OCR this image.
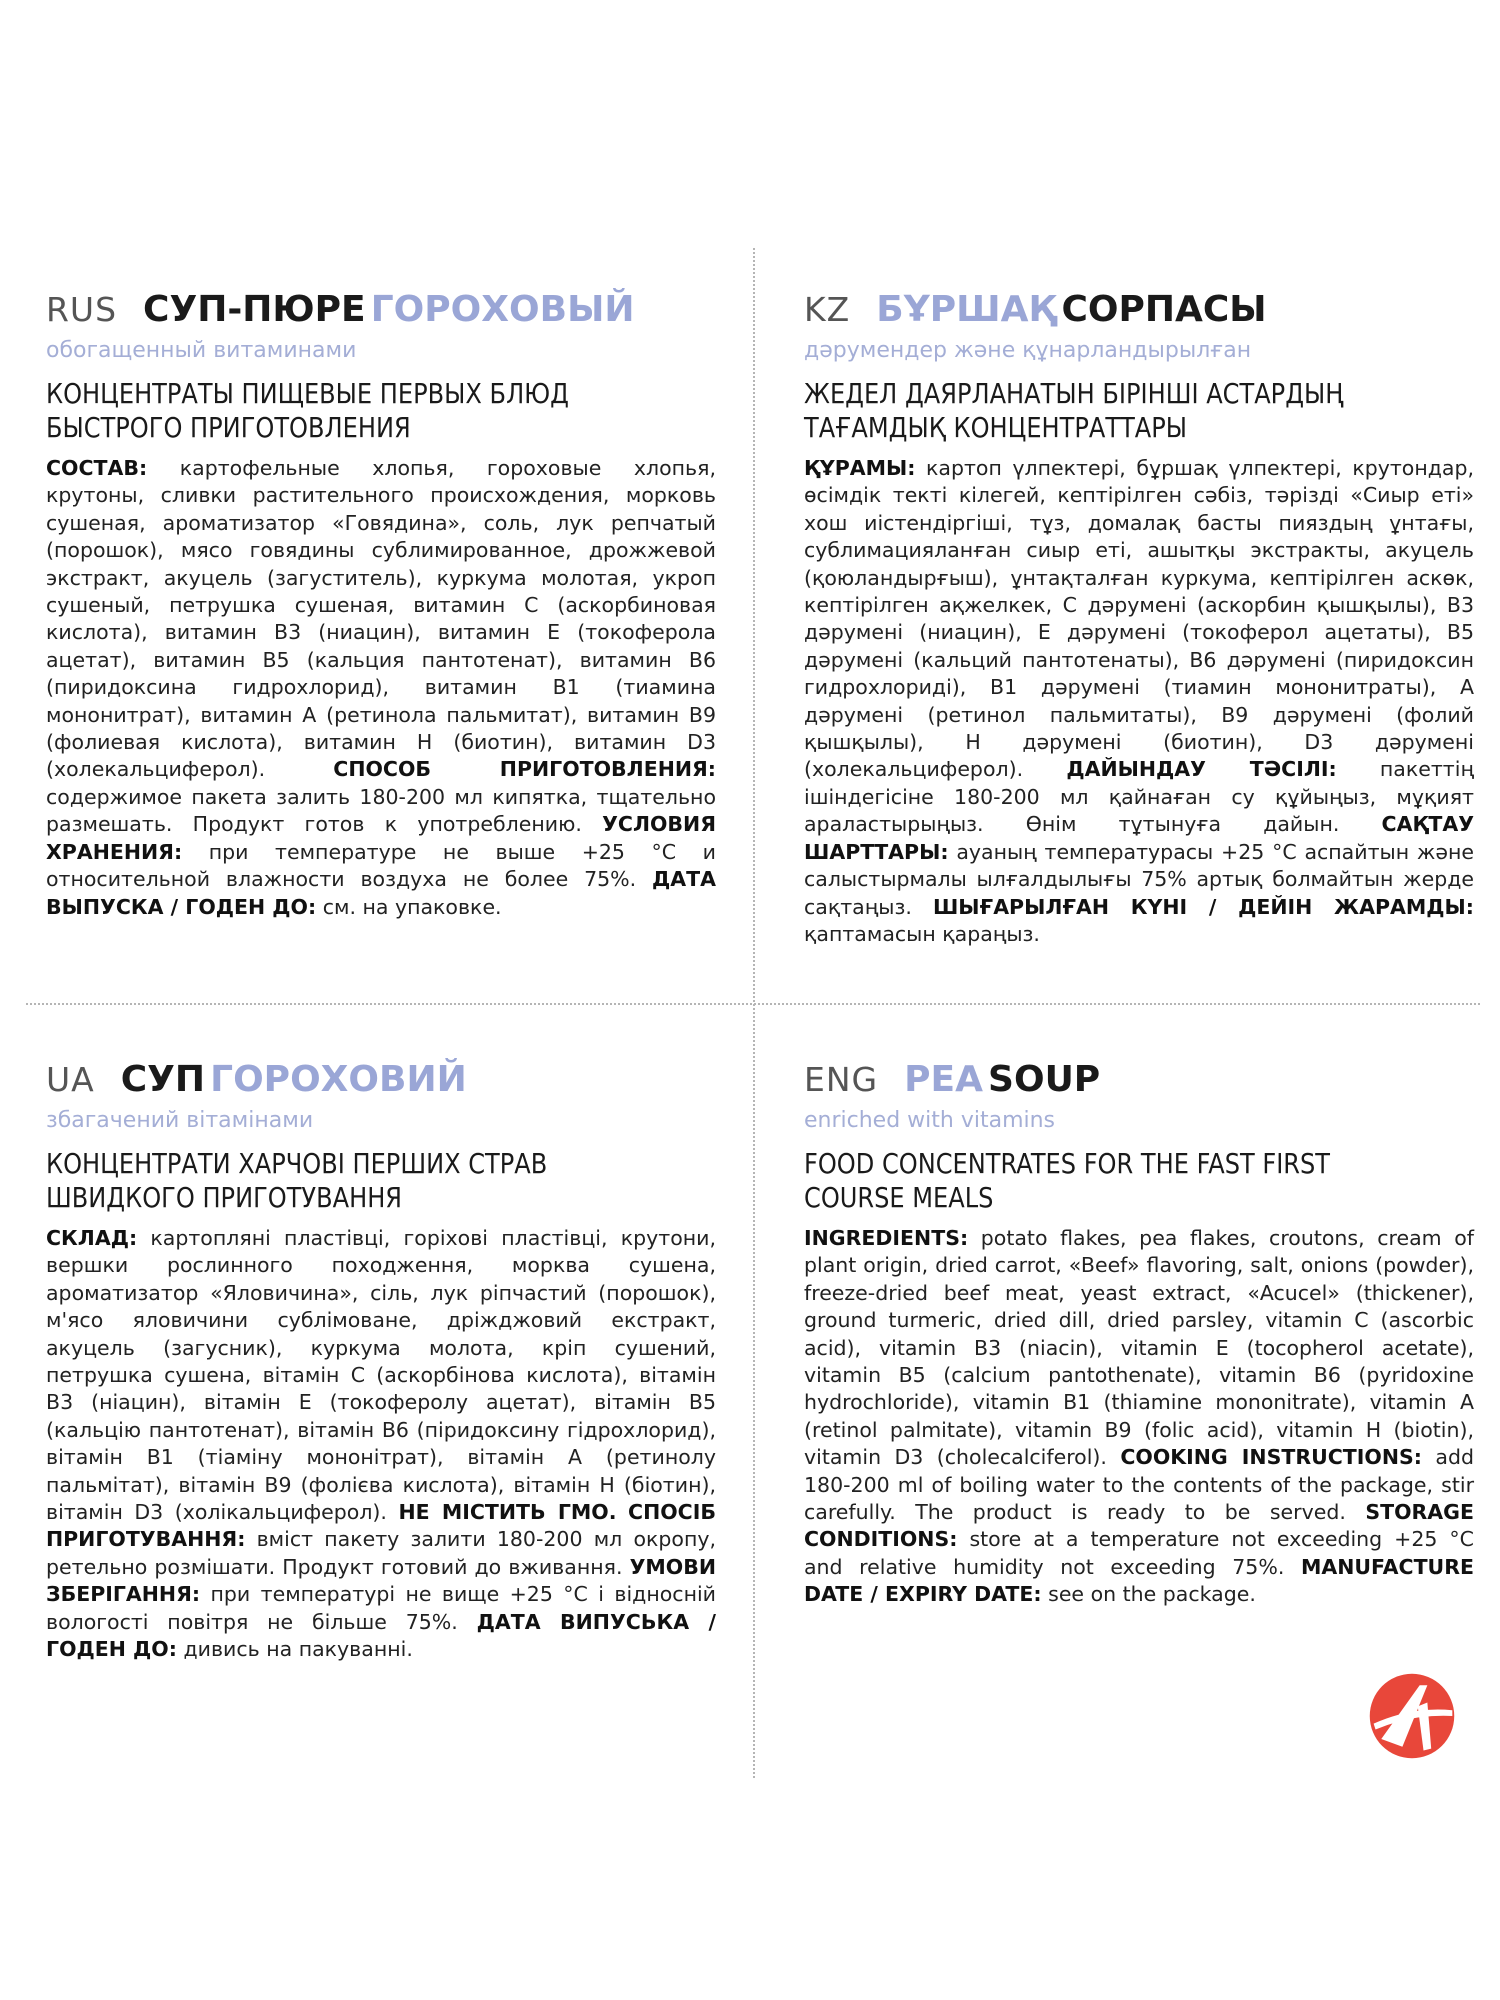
RUS СУП-ПЮРЕ ГОРОХОВЫЙ
обогащенный витаминами
КОНЦЕНТРАТЫ ПИЩЕВЫЕ ПЕРВЫХ БЛЮД
БЫСТРОГО ПРИГОТОВЛЕНИЯ
СОСТАВ: картофельные хлопья, гороховые хлопья, крутоны, сливки растительного происхождения, морковь сушеная, ароматизатор «Говядина», соль, лук репчатый (порошок), мясо говядины сублимированное, дрожжевой экстракт, акуцель (загуститель), куркума молотая, укроп сушеный, петрушка сушеная, витамин С (аскорбиновая кислота), витамин В3 (ниацин), витамин Е (токоферола ацетат), витамин В5 (кальция пантотенат), витамин В6 (пиридоксина гидрохлорид), витамин В1 (тиамина мононитрат), витамин А (ретинола пальмитат), витамин В9 (фолиевая кислота), витамин Н (биотин), витамин D3 (холекальциферол). СПОСОБ ПРИГОТОВЛЕНИЯ: содержимое пакета залить 180-200 мл кипятка, тщательно размешать. Продукт готов к употреблению. УСЛОВИЯ ХРАНЕНИЯ: при температуре не выше +25 °С и относительной влажности воздуха не более 75%. ДАТА ВЫПУСКА / ГОДЕН ДО: см. на упаковке.
KZ БҰРШАҚ СОРПАСЫ
дәрумендер және құнарландырылған
ЖЕДЕЛ ДАЯРЛАНАТЫН БІРІНШІ АСТАРДЫҢ
ТАҒАМДЫҚ КОНЦЕНТРАТТАРЫ
ҚҰРАМЫ: картоп үлпектері, бұршақ үлпектері, крутондар, өсімдік текті кілегей, кептірілген сәбіз, тәрізді «Сиыр еті» хош иістендіргіші, тұз, домалақ басты пияздың ұнтағы, сублимацияланған сиыр еті, ашытқы экстракты, акуцель (қоюландырғыш), ұнтақталған куркума, кептірілген аскөк, кептірілген ақжелкек, С дәрумені (аскорбин қышқылы), В3 дәрумені (ниацин), Е дәрумені (токоферол ацетаты), В5 дәрумені (кальций пантотенаты), В6 дәрумені (пиридоксин гидрохлориді), В1 дәрумені (тиамин мононитраты), А дәрумені (ретинол пальмитаты), В9 дәрумені (фолий қышқылы), Н дәрумені (биотин), D3 дәрумені (холекальциферол). ДАЙЫНДАУ ТӘСІЛІ: пакеттің ішіндегісіне 180-200 мл қайнаған су құйыңыз, мұқият араластырыңыз. Өнім тұтынуға дайын. САҚТАУ ШАРТТАРЫ: ауаның температурасы +25 °С аспайтын және салыстырмалы ылғалдылығы 75% артық болмайтын жерде сақтаңыз. ШЫҒАРЫЛҒАН КҮНІ / ДЕЙІН ЖАРАМДЫ: қаптамасын қараңыз.
UA СУП ГОРОХОВИЙ
збагачений вітамінами
КОНЦЕНТРАТИ ХАРЧОВІ ПЕРШИХ СТРАВ
ШВИДКОГО ПРИГОТУВАННЯ
СКЛАД: картопляні пластівці, горіхові пластівці, крутони, вершки рослинного походження, морква сушена, ароматизатор «Яловичина», сіль, лук ріпчастий (порошок), м'ясо яловичини сублімоване, дріжджовий екстракт, акуцель (загусник), куркума молота, кріп сушений, петрушка сушена, вітамін С (аскорбінова кислота), вітамін В3 (ніацин), вітамін Е (токоферолу ацетат), вітамін В5 (кальцію пантотенат), вітамін В6 (піридоксину гідрохлорид), вітамін В1 (тіаміну мононітрат), вітамін А (ретинолу пальмітат), вітамін В9 (фолієва кислота), вітамін Н (біотин), вітамін D3 (холікальциферол). НЕ МІСТИТЬ ГМО. СПОСІБ ПРИГОТУВАННЯ: вміст пакету залити 180-200 мл окропу, ретельно розмішати. Продукт готовий до вживання. УМОВИ ЗБЕРІГАННЯ: при температурі не вище +25 °С і відносній вологості повітря не більше 75%. ДАТА ВИПУСЬКА / ГОДЕН ДО: дивись на пакуванні.
ENG PEA SOUP
enriched with vitamins
FOOD CONCENTRATES FOR THE FAST FIRST
COURSE MEALS
INGREDIENTS: potato flakes, pea flakes, croutons, cream of plant origin, dried carrot, «Beef» flavoring, salt, onions (powder), freeze-dried beef meat, yeast extract, «Acucel» (thickener), ground turmeric, dried dill, dried parsley, vitamin C (ascorbic acid), vitamin B3 (niacin), vitamin E (tocopherol acetate), vitamin B5 (calcium pantothenate), vitamin B6 (pyridoxine hydrochloride), vitamin B1 (thiamine mononitrate), vitamin A (retinol palmitate), vitamin B9 (folic acid), vitamin H (biotin), vitamin D3 (cholecalciferol). COOKING INSTRUCTIONS: add 180-200 ml of boiling water to the contents of the package, stir carefully. The product is ready to be served. STORAGE CONDITIONS: store at a temperature not exceeding +25 °C and relative humidity not exceeding 75%. MANUFACTURE DATE / EXPIRY DATE: see on the package.
